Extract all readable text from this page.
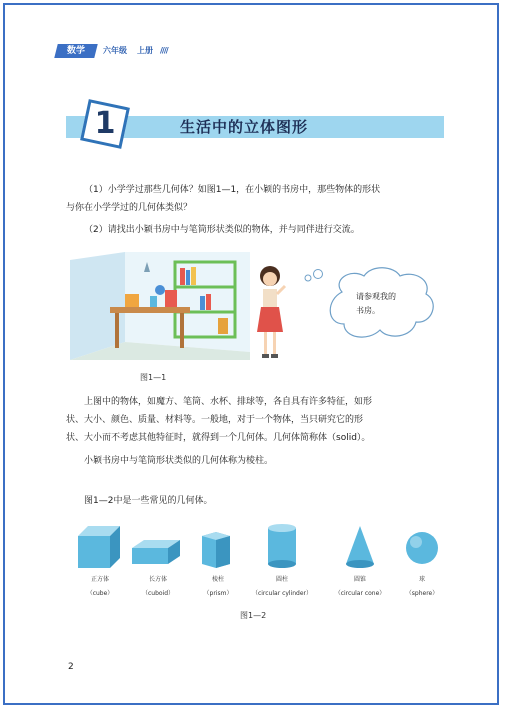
数学	六年级 上册 ////
1	生活中的立体图形
（1）小学学过那些几何体？如图1—1，在小颖的书房中，那些物体的形状
与你在小学学过的几何体类似？
（2）请找出小颖书房中与笔筒形状类似的物体，并与同伴进行交流。
请参观我的
书房。
图1—1
上图中的物体，如魔方、笔筒、水杯、排球等，各自具有许多特征，如形
状、大小、颜色、质量、材料等。一般地，对于一个物体，当只研究它的形
状、大小而不考虑其他特征时，就得到一个几何体。几何体简称体（solid）。
小颖书房中与笔筒形状类似的几何体称为棱柱。
图1—2中是一些常见的几何体。
正方体
（cube）
长方体
（cuboid）
棱柱
（prism）
圆柱
（circular cylinder）
圆锥
（circular cone）
球
（sphere）
图1—2
2
